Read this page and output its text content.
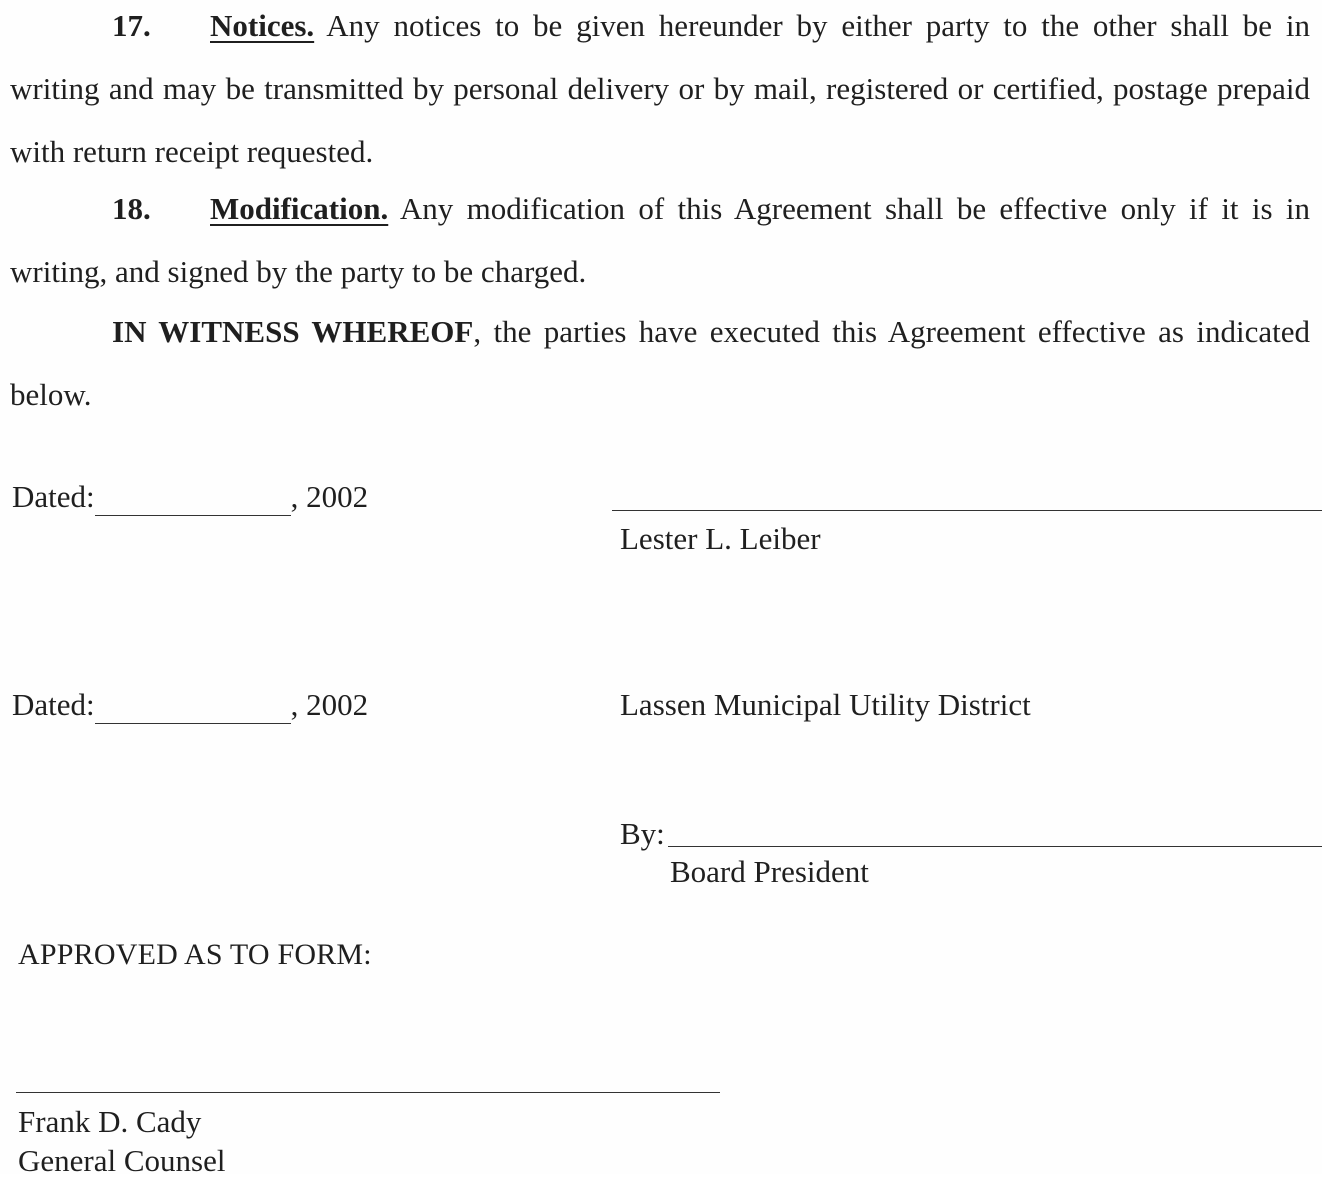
17. Notices. Any notices to be given hereunder by either party to the other shall be in writing and may be transmitted by personal delivery or by mail, registered or certified, postage prepaid with return receipt requested.

18. Modification. Any modification of this Agreement shall be effective only if it is in writing, and signed by the party to be charged.

IN WITNESS WHEREOF, the parties have executed this Agreement effective as indicated below.

Dated:	, 2002
Lester L. Leiber
Dated:	, 2002	Lassen Municipal Utility District
By:
Board President
APPROVED AS TO FORM:
Frank D. Cady
General Counsel
